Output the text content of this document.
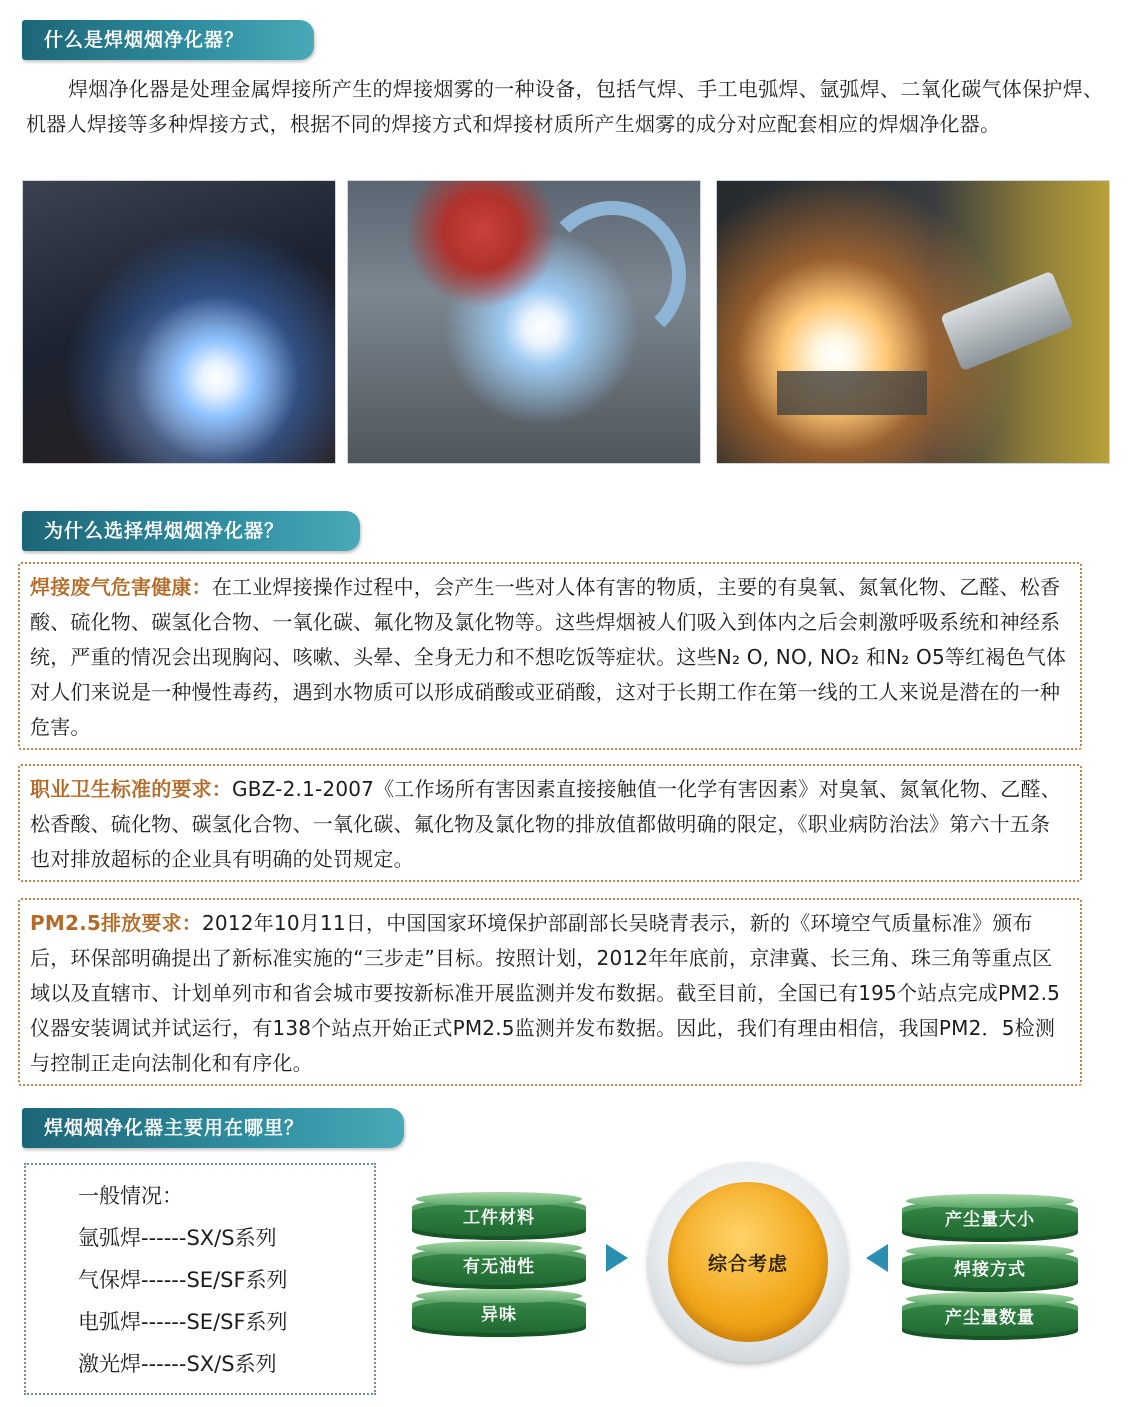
什么是焊烟烟净化器？
焊烟净化器是处理金属焊接所产生的焊接烟雾的一种设备，包括气焊、手工电弧焊、氩弧焊、二氧化碳气体保护焊、机器人焊接等多种焊接方式，根据不同的焊接方式和焊接材质所产生烟雾的成分对应配套相应的焊烟净化器。
为什么选择焊烟烟净化器？
焊接废气危害健康：在工业焊接操作过程中，会产生一些对人体有害的物质，主要的有臭氧、氮氧化物、乙醛、松香酸、硫化物、碳氢化合物、一氧化碳、氟化物及氯化物等。这些焊烟被人们吸入到体内之后会刺激呼吸系统和神经系统，严重的情况会出现胸闷、咳嗽、头晕、全身无力和不想吃饭等症状。这些N₂ O, NO, NO₂ 和N₂ O5等红褐色气体对人们来说是一种慢性毒药，遇到水物质可以形成硝酸或亚硝酸，这对于长期工作在第一线的工人来说是潜在的一种危害。
职业卫生标准的要求：GBZ-2.1-2007《工作场所有害因素直接接触值一化学有害因素》对臭氧、氮氧化物、乙醛、松香酸、硫化物、碳氢化合物、一氧化碳、氟化物及氯化物的排放值都做明确的限定，《职业病防治法》第六十五条也对排放超标的企业具有明确的处罚规定。
PM2.5排放要求：2012年10月11日，中国国家环境保护部副部长吴晓青表示，新的《环境空气质量标准》颁布后，环保部明确提出了新标准实施的“三步走”目标。按照计划，2012年年底前，京津冀、长三角、珠三角等重点区域以及直辖市、计划单列市和省会城市要按新标准开展监测并发布数据。截至目前，全国已有195个站点完成PM2.5仪器安装调试并试运行，有138个站点开始正式PM2.5监测并发布数据。因此，我们有理由相信，我国PM2．5检测与控制正走向法制化和有序化。
焊烟烟净化器主要用在哪里？
一般情况：
氩弧焊------SX/S系列
气保焊------SE/SF系列
电弧焊------SE/SF系列
激光焊------SX/S系列
工件材料
有无油性
异味
综合考虑
产尘量大小
焊接方式
产尘量数量
